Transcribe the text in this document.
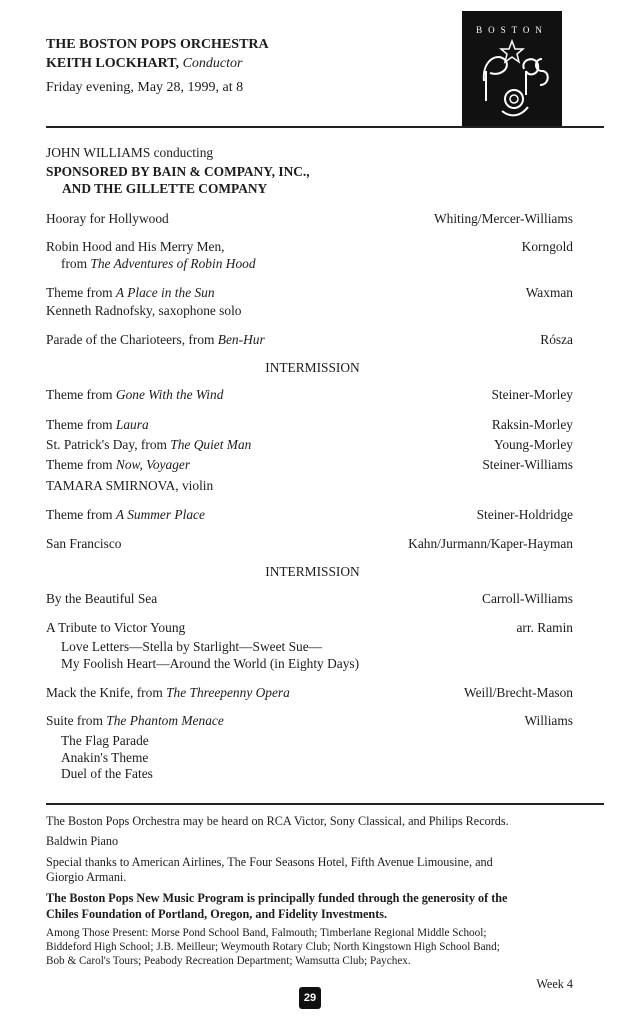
THE BOSTON POPS ORCHESTRA
KEITH LOCKHART, Conductor
Friday evening, May 28, 1999, at 8
BOSTON
JOHN WILLIAMS conducting
SPONSORED BY BAIN & COMPANY, INC.,
AND THE GILLETTE COMPANY
Hooray for Hollywood	Whiting/Mercer-Williams
Robin Hood and His Merry Men,	Korngold
from The Adventures of Robin Hood
Theme from A Place in the Sun	Waxman
Kenneth Radnofsky, saxophone solo
Parade of the Charioteers, from Ben-Hur	Rósza
INTERMISSION
Theme from Gone With the Wind	Steiner-Morley
Theme from Laura	Raksin-Morley
St. Patrick's Day, from The Quiet Man	Young-Morley
Theme from Now, Voyager	Steiner-Williams
TAMARA SMIRNOVA, violin
Theme from A Summer Place	Steiner-Holdridge
San Francisco	Kahn/Jurmann/Kaper-Hayman
INTERMISSION
By the Beautiful Sea	Carroll-Williams
A Tribute to Victor Young	arr. Ramin
Love Letters—Stella by Starlight—Sweet Sue—
My Foolish Heart—Around the World (in Eighty Days)
Mack the Knife, from The Threepenny Opera	Weill/Brecht-Mason
Suite from The Phantom Menace	Williams
The Flag Parade
Anakin's Theme
Duel of the Fates
The Boston Pops Orchestra may be heard on RCA Victor, Sony Classical, and Philips Records.
Baldwin Piano
Special thanks to American Airlines, The Four Seasons Hotel, Fifth Avenue Limousine, and
Giorgio Armani.
The Boston Pops New Music Program is principally funded through the generosity of the
Chiles Foundation of Portland, Oregon, and Fidelity Investments.
Among Those Present: Morse Pond School Band, Falmouth; Timberlane Regional Middle School;
Biddeford High School; J.B. Meilleur; Weymouth Rotary Club; North Kingstown High School Band;
Bob & Carol's Tours; Peabody Recreation Department; Wamsutta Club; Paychex.
Week 4
29
